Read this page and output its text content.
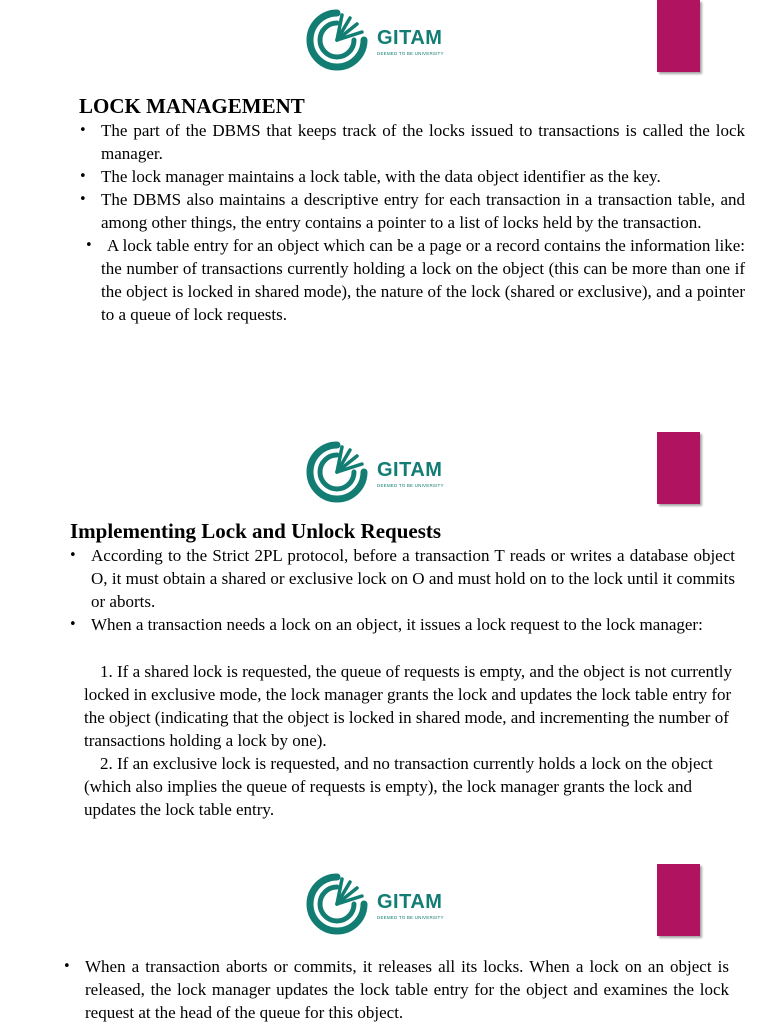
GITAM
DEEMED TO BE UNIVERSITY
LOCK MANAGEMENT
• The part of the DBMS that keeps track of the locks issued to transactions is called the lock manager.
• The lock manager maintains a lock table, with the data object identifier as the key.
• The DBMS also maintains a descriptive entry for each transaction in a transaction table, and among other things, the entry contains a pointer to a list of locks held by the transaction.
• A lock table entry for an object which can be a page or a record contains the information like: the number of transactions currently holding a lock on the object (this can be more than one if the object is locked in shared mode), the nature of the lock (shared or exclusive), and a pointer to a queue of lock requests.
GITAM
DEEMED TO BE UNIVERSITY
Implementing Lock and Unlock Requests
• According to the Strict 2PL protocol, before a transaction T reads or writes a database object O, it must obtain a shared or exclusive lock on O and must hold on to the lock until it commits or aborts.
• When a transaction needs a lock on an object, it issues a lock request to the lock manager:

1. If a shared lock is requested, the queue of requests is empty, and the object is not currently locked in exclusive mode, the lock manager grants the lock and updates the lock table entry for the object (indicating that the object is locked in shared mode, and incrementing the number of transactions holding a lock by one).

2. If an exclusive lock is requested, and no transaction currently holds a lock on the object (which also implies the queue of requests is empty), the lock manager grants the lock and updates the lock table entry.

GITAM
DEEMED TO BE UNIVERSITY
• When a transaction aborts or commits, it releases all its locks. When a lock on an object is released, the lock manager updates the lock table entry for the object and examines the lock request at the head of the queue for this object.
